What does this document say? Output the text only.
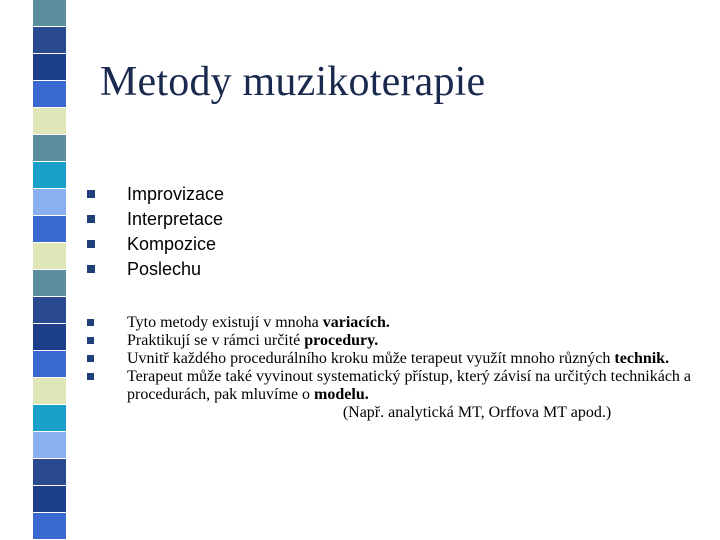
Metody muzikoterapie
Improvizace
Interpretace
Kompozice
Poslechu
Tyto metody existují v mnoha variacích.
Praktikují se v rámci určité procedury.
Uvnitř každého procedurálního kroku může terapeut využít mnoho různých technik.
Terapeut může také vyvinout systematický přístup, který závisí na určitých technikách a procedurách, pak mluvíme o modelu.
(Např. analytická MT, Orffova MT apod.)
